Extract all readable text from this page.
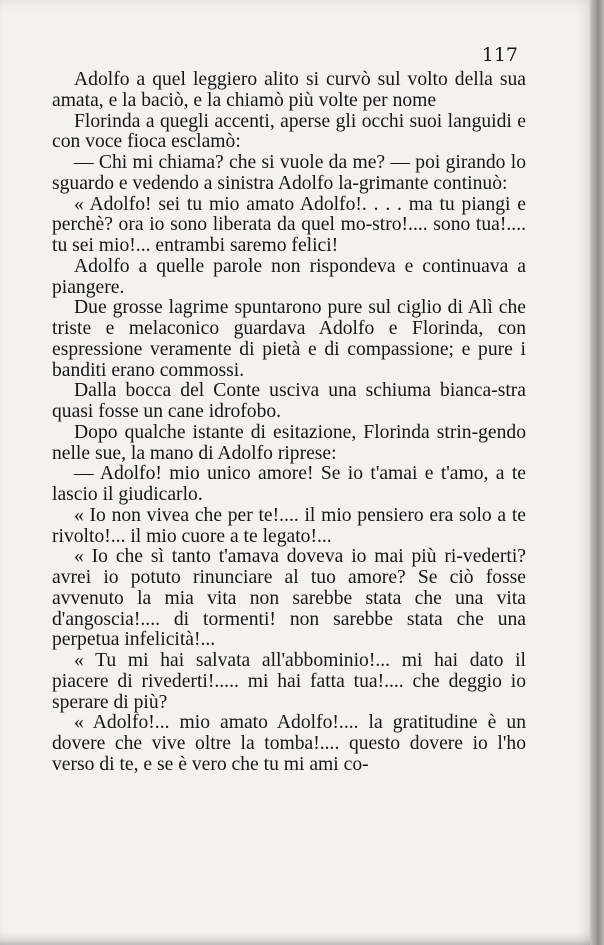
117

Adolfo a quel leggiero alito si curvò sul volto della sua amata, e la baciò, e la chiamò più volte per nome

Florinda a quegli accenti, aperse gli occhi suoi languidi e con voce fioca esclamò:

— Chi mi chiama? che si vuole da me? — poi girando lo sguardo e vedendo a sinistra Adolfo la-grimante continuò:

« Adolfo! sei tu mio amato Adolfo!. . . . ma tu piangi e perchè? ora io sono liberata da quel mo-stro!.... sono tua!.... tu sei mio!... entrambi saremo felici!

Adolfo a quelle parole non rispondeva e continuava a piangere.

Due grosse lagrime spuntarono pure sul ciglio di Alì che triste e melaconico guardava Adolfo e Florinda, con espressione veramente di pietà e di compassione; e pure i banditi erano commossi.

Dalla bocca del Conte usciva una schiuma bianca-stra quasi fosse un cane idrofobo.

Dopo qualche istante di esitazione, Florinda strin-gendo nelle sue, la mano di Adolfo riprese:

— Adolfo! mio unico amore! Se io t'amai e t'amo, a te lascio il giudicarlo.

« Io non vivea che per te!.... il mio pensiero era solo a te rivolto!... il mio cuore a te legato!...

« Io che sì tanto t'amava doveva io mai più ri-vederti? avrei io potuto rinunciare al tuo amore? Se ciò fosse avvenuto la mia vita non sarebbe stata che una vita d'angoscia!.... di tormenti! non sarebbe stata che una perpetua infelicità!...

« Tu mi hai salvata all'abbominio!... mi hai dato il piacere di rivederti!..... mi hai fatta tua!.... che deggio io sperare di più?

« Adolfo!... mio amato Adolfo!.... la gratitudine è un dovere che vive oltre la tomba!.... questo dovere io l'ho verso di te, e se è vero che tu mi ami co-
